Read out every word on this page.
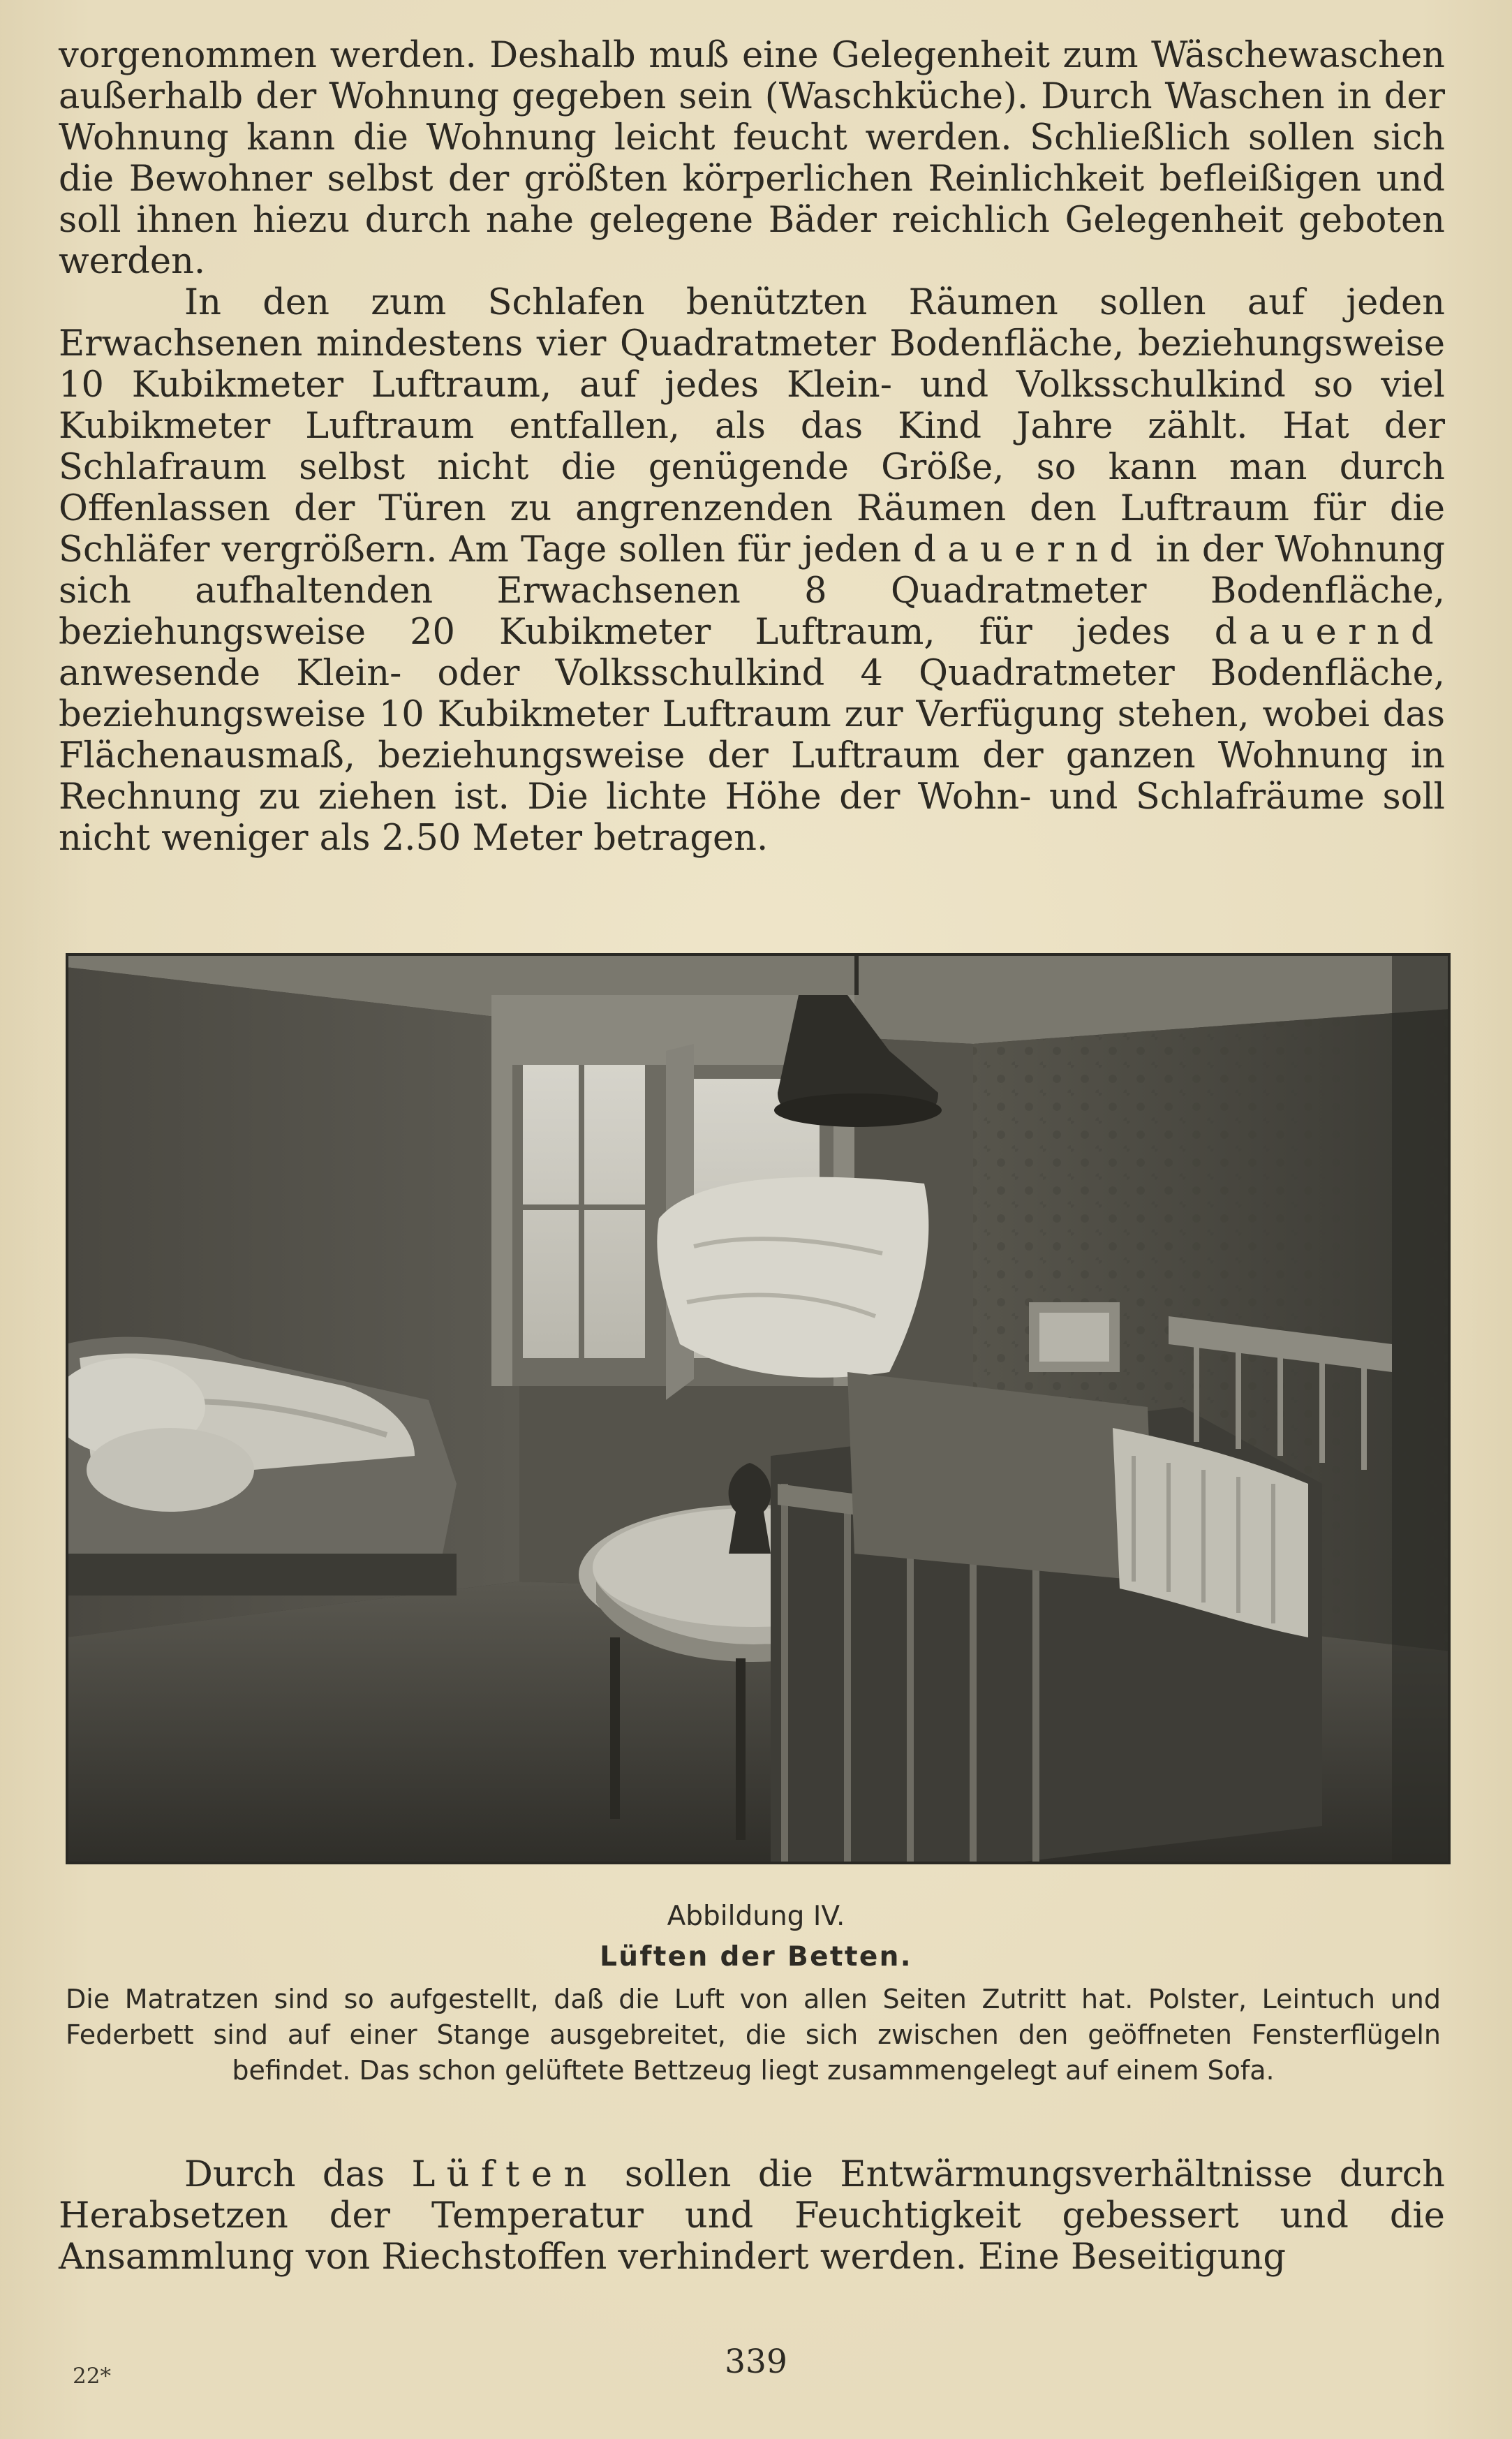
vorgenommen werden. Deshalb muß eine Gelegenheit zum Wäschewaschen außerhalb der Wohnung gegeben sein (Waschküche). Durch Waschen in der Wohnung kann die Wohnung leicht feucht werden. Schließlich sollen sich die Bewohner selbst der größten körperlichen Reinlichkeit befleißigen und soll ihnen hiezu durch nahe gelegene Bäder reichlich Gelegenheit geboten werden.

In den zum Schlafen benützten Räumen sollen auf jeden Erwachsenen mindestens vier Quadratmeter Bodenfläche, beziehungsweise 10 Kubikmeter Luftraum, auf jedes Klein- und Volksschulkind so viel Kubikmeter Luftraum entfallen, als das Kind Jahre zählt. Hat der Schlafraum selbst nicht die genügende Größe, so kann man durch Offenlassen der Türen zu angrenzenden Räumen den Luftraum für die Schläfer vergrößern. Am Tage sollen für jeden dauernd in der Wohnung sich aufhaltenden Erwachsenen 8 Quadratmeter Bodenfläche, beziehungsweise 20 Kubikmeter Luftraum, für jedes dauernd anwesende Klein- oder Volksschulkind 4 Quadratmeter Bodenfläche, beziehungsweise 10 Kubikmeter Luftraum zur Verfügung stehen, wobei das Flächenausmaß, beziehungsweise der Luftraum der ganzen Wohnung in Rechnung zu ziehen ist. Die lichte Höhe der Wohn- und Schlafräume soll nicht weniger als 2.50 Meter betragen.

Abbildung IV.
Lüften der Betten.
Die Matratzen sind so aufgestellt, daß die Luft von allen Seiten Zutritt hat. Polster, Leintuch und Federbett sind auf einer Stange ausgebreitet, die sich zwischen den geöffneten Fensterflügeln befindet. Das schon gelüftete Bettzeug liegt zusammengelegt auf einem Sofa.

Durch das Lüften sollen die Entwärmungsverhältnisse durch Herabsetzen der Temperatur und Feuchtigkeit gebessert und die Ansammlung von Riechstoffen verhindert werden. Eine Beseitigung

22*	339
